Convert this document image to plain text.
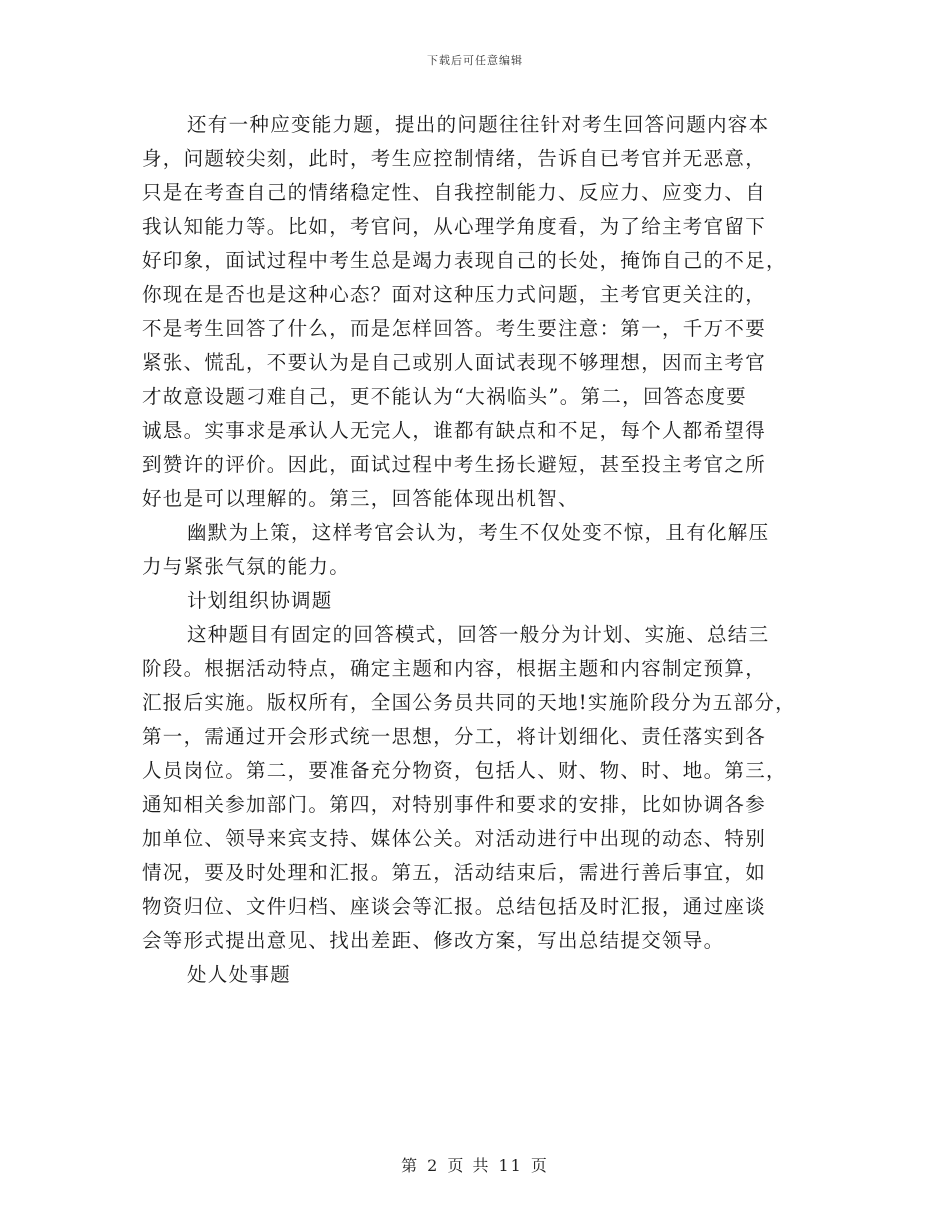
下载后可任意编辑
还有一种应变能力题，提出的问题往往针对考生回答问题内容本
身，问题较尖刻，此时，考生应控制情绪，告诉自已考官并无恶意，
只是在考查自己的情绪稳定性、自我控制能力、反应力、应变力、自
我认知能力等。比如，考官问，从心理学角度看，为了给主考官留下
好印象，面试过程中考生总是竭力表现自己的长处，掩饰自己的不足，
你现在是否也是这种心态？面对这种压力式问题，主考官更关注的，
不是考生回答了什么，而是怎样回答。考生要注意：第一，千万不要
紧张、慌乱，不要认为是自己或别人面试表现不够理想，因而主考官
才故意设题刁难自己，更不能认为“大祸临头”。第二，回答态度要
诚恳。实事求是承认人无完人，谁都有缺点和不足，每个人都希望得
到赞许的评价。因此，面试过程中考生扬长避短，甚至投主考官之所
好也是可以理解的。第三，回答能体现出机智、
幽默为上策，这样考官会认为，考生不仅处变不惊，且有化解压
力与紧张气氛的能力。
计划组织协调题
这种题目有固定的回答模式，回答一般分为计划、实施、总结三
阶段。根据活动特点，确定主题和内容，根据主题和内容制定预算，
汇报后实施。版权所有，全国公务员共同的天地!实施阶段分为五部分，
第一，需通过开会形式统一思想，分工，将计划细化、责任落实到各
人员岗位。第二，要准备充分物资，包括人、财、物、时、地。第三，
通知相关参加部门。第四，对特别事件和要求的安排，比如协调各参
加单位、领导来宾支持、媒体公关。对活动进行中出现的动态、特别
情况，要及时处理和汇报。第五，活动结束后，需进行善后事宜，如
物资归位、文件归档、座谈会等汇报。总结包括及时汇报，通过座谈
会等形式提出意见、找出差距、修改方案，写出总结提交领导。
处人处事题
第 2 页 共 11 页
